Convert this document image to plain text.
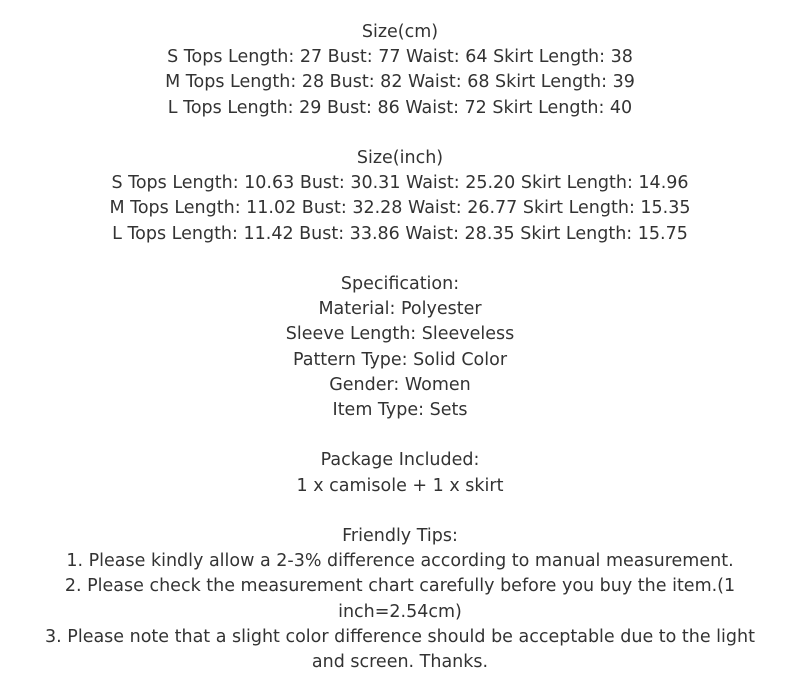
Size(cm)
S Tops Length: 27 Bust: 77 Waist: 64 Skirt Length: 38
M Tops Length: 28 Bust: 82 Waist: 68 Skirt Length: 39
L Tops Length: 29 Bust: 86 Waist: 72 Skirt Length: 40
Size(inch)
S Tops Length: 10.63 Bust: 30.31 Waist: 25.20 Skirt Length: 14.96
M Tops Length: 11.02 Bust: 32.28 Waist: 26.77 Skirt Length: 15.35
L Tops Length: 11.42 Bust: 33.86 Waist: 28.35 Skirt Length: 15.75
Specification:
Material: Polyester
Sleeve Length: Sleeveless
Pattern Type: Solid Color
Gender: Women
Item Type: Sets
Package Included:
1 x camisole + 1 x skirt
Friendly Tips:
1. Please kindly allow a 2-3% difference according to manual measurement.
2. Please check the measurement chart carefully before you buy the item.(1 inch=2.54cm)
3. Please note that a slight color difference should be acceptable due to the light and screen. Thanks.
